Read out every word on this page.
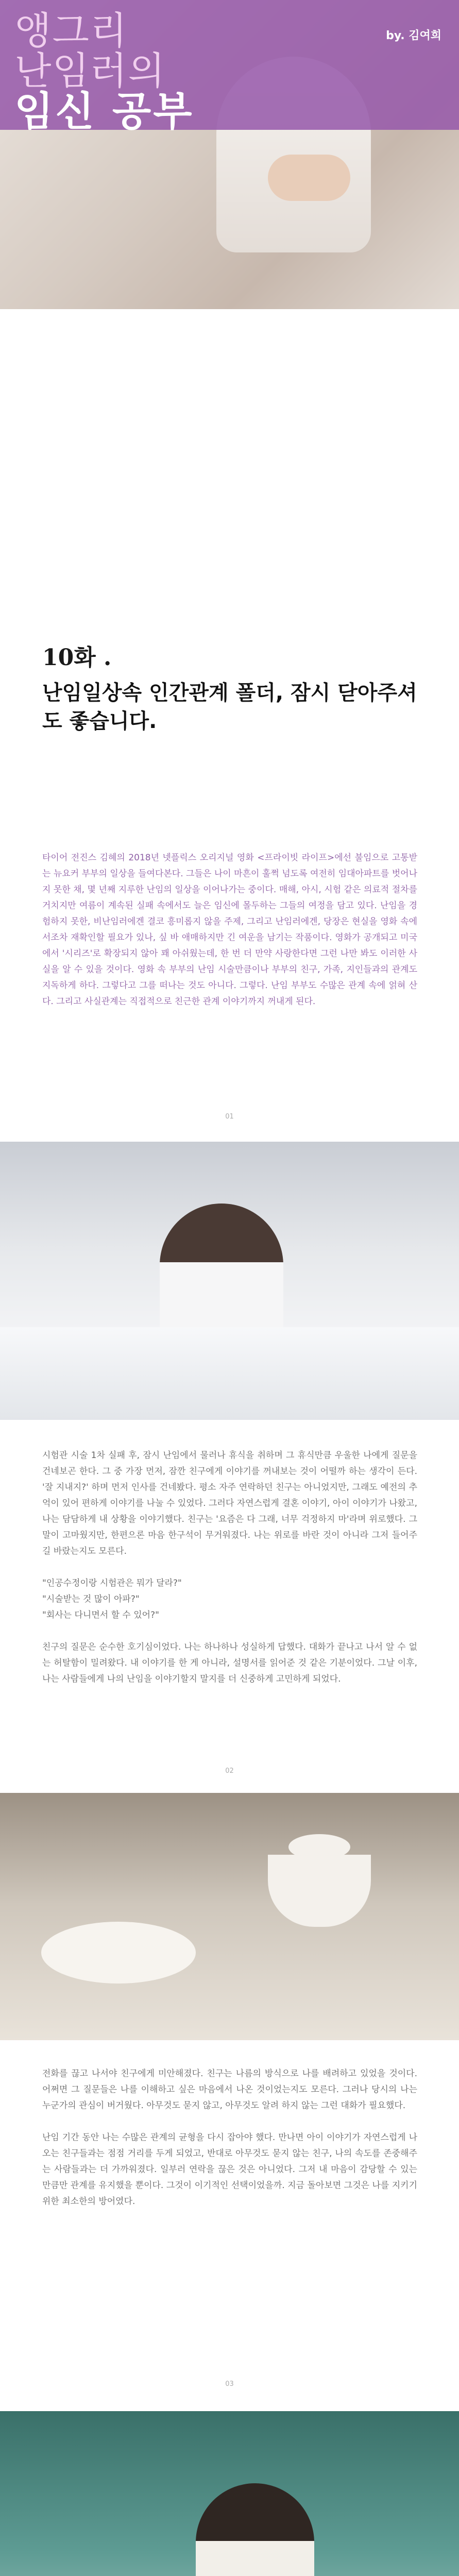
앵그리
난임러의
임신 공부
by. 김여희
10화 .
난임일상속 인간관계 폴더, 잠시 닫아주셔도 좋습니다.
타이어 전진스 김혜의 2018년 넷플릭스 오리지널 영화 <프라이빗 라이프>에선 불임으로 고통받는 뉴요커 부부의 일상을 들여다본다. 그들은 나이 마흔이 훌쩍 넘도록 여전히 임대아파트를 벗어나지 못한 채, 몇 년째 지루한 난임의 일상을 이어나가는 중이다. 매해, 아시, 시험 같은 의료적 절차를 거치지만 여름이 계속된 실패 속에서도 늘은 임신에 몰두하는 그들의 여정을 담고 있다. 난임을 경험하지 못한, 비난임러에겐 결코 흥미롭지 않을 주제, 그리고 난임러에겐, 당장은 현실을 영화 속에서조차 재확인할 필요가 있나, 싶 바 애매하지만 긴 여운을 남기는 작품이다. 영화가 공개되고 미국에서 '시리즈'로 확장되지 않아 꽤 아쉬웠는데, 한 번 더 만약 사랑한다면 그런 나만 봐도 이러한 사실을 알 수 있을 것이다. 영화 속 부부의 난임 시술만큼이나 부부의 친구, 가족, 지인들과의 관계도 지독하게 하다. 그렇다고 그를 떠나는 것도 아니다. 그렇다. 난임 부부도 수많은 관계 속에 얽혀 산다. 그리고 사실관계는 직접적으로 친근한 관계 이야기까지 꺼내게 된다.
01
시험관 시술 1차 실패 후, 잠시 난임에서 물러나 휴식을 취하며 그 휴식만큼 우울한 나에게 질문을 건네보곤 한다. 그 중 가장 먼저, 잠깐 친구에게 이야기를 꺼내보는 것이 어떨까 하는 생각이 든다. '잘 지내지?' 하며 먼저 인사를 건네봤다. 평소 자주 연락하던 친구는 아니었지만, 그래도 예전의 추억이 있어 편하게 이야기를 나눌 수 있었다. 그러다 자연스럽게 결혼 이야기, 아이 이야기가 나왔고, 나는 담담하게 내 상황을 이야기했다. 친구는 '요즘은 다 그래, 너무 걱정하지 마'라며 위로했다. 그 말이 고마웠지만, 한편으론 마음 한구석이 무거워졌다. 나는 위로를 바란 것이 아니라 그저 들어주길 바랐는지도 모른다.

"인공수정이랑 시험관은 뭐가 달라?"
"시술받는 것 많이 아파?"
"회사는 다니면서 할 수 있어?"

친구의 질문은 순수한 호기심이었다. 나는 하나하나 성실하게 답했다. 대화가 끝나고 나서 알 수 없는 허탈함이 밀려왔다. 내 이야기를 한 게 아니라, 설명서를 읽어준 것 같은 기분이었다. 그날 이후, 나는 사람들에게 나의 난임을 이야기할지 말지를 더 신중하게 고민하게 되었다.
02
전화를 끊고 나서야 친구에게 미안해졌다. 친구는 나름의 방식으로 나를 배려하고 있었을 것이다. 어쩌면 그 질문들은 나를 이해하고 싶은 마음에서 나온 것이었는지도 모른다. 그러나 당시의 나는 누군가의 관심이 버거웠다. 아무것도 묻지 않고, 아무것도 알려 하지 않는 그런 대화가 필요했다.

난임 기간 동안 나는 수많은 관계의 균형을 다시 잡아야 했다. 만나면 아이 이야기가 자연스럽게 나오는 친구들과는 점점 거리를 두게 되었고, 반대로 아무것도 묻지 않는 친구, 나의 속도를 존중해주는 사람들과는 더 가까워졌다. 일부러 연락을 끊은 것은 아니었다. 그저 내 마음이 감당할 수 있는 만큼만 관계를 유지했을 뿐이다. 그것이 이기적인 선택이었을까. 지금 돌아보면 그것은 나를 지키기 위한 최소한의 방어였다.
03
